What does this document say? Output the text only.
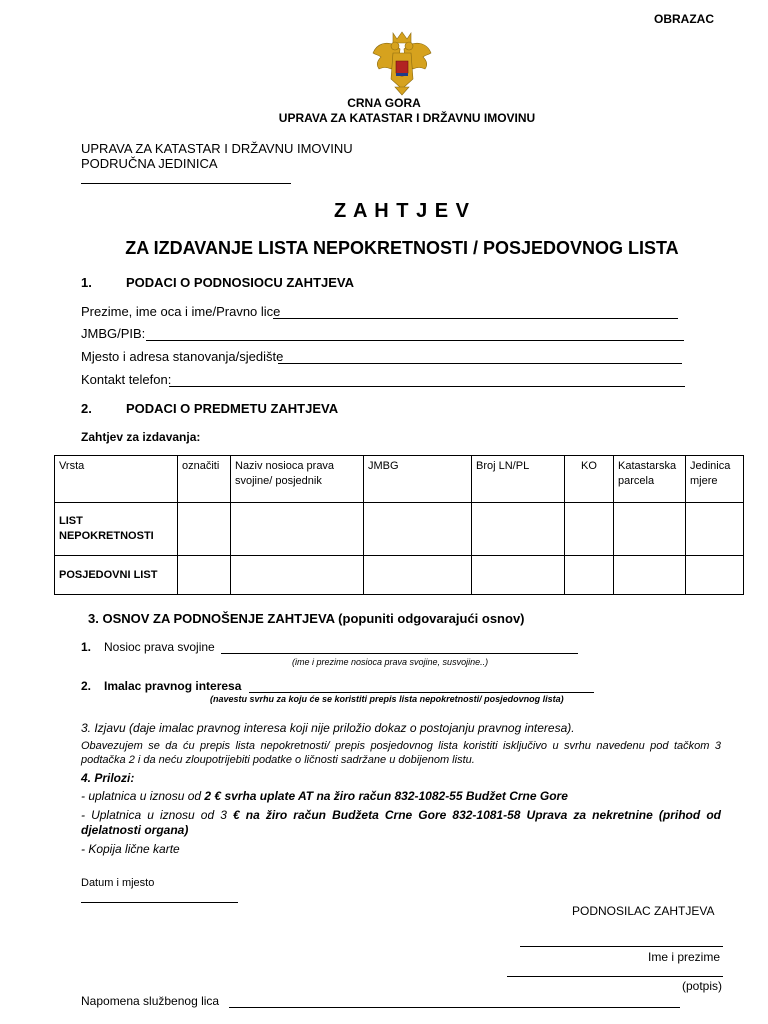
OBRAZAC
CRNA GORA
UPRAVA ZA KATASTAR I DRŽAVNU IMOVINU
UPRAVA ZA KATASTAR I DRŽAVNU IMOVINU
PODRUČNA JEDINICA
Z A H T J E V
ZA IZDAVANJE LISTA NEPOKRETNOSTI / POSJEDOVNOG LISTA
1.	PODACI O PODNOSIOCU ZAHTJEVA
Prezime, ime oca i ime/Pravno lice
JMBG/PIB:
Mjesto i adresa stanovanja/sjedište
Kontakt telefon:
2.	PODACI O PREDMETU ZAHTJEVA
Zahtjev za izdavanja:
Vrsta	označiti	Naziv nosioca prava svojine/ posjednik	JMBG	Broj LN/PL	KO	Katastarska parcela	Jedinica mjere
LIST NEPOKRETNOSTI							
POSJEDOVNI LIST							
3. OSNOV ZA PODNOŠENJE ZAHTJEVA (popuniti odgovarajući osnov)
1. Nosioc prava svojine
(ime i prezime nosioca prava svojine, susvojine..)
2. Imalac pravnog interesa
(navestu svrhu za koju će se koristiti prepis lista nepokretnosti/ posjedovnog lista)
3. Izjavu (daje imalac pravnog interesa koji nije priložio dokaz o postojanju pravnog interesa).
Obavezujem se da ću prepis lista nepokretnosti/ prepis posjedovnog lista koristiti isključivo u svrhu navedenu pod tačkom 3 podtačka 2 i da neću zloupotrijebiti podatke o ličnosti sadržane u dobijenom listu.
4. Prilozi:
- uplatnica u iznosu od 2 € svrha uplate AT na žiro račun 832-1082-55 Budžet Crne Gore
- Uplatnica u iznosu od 3 € na žiro račun Budžeta Crne Gore 832-1081-58 Uprava za nekretnine (prihod od djelatnosti organa)
- Kopija lične karte
Datum i mjesto
PODNOSILAC ZAHTJEVA
Ime i prezime
(potpis)
Napomena službenog lica
